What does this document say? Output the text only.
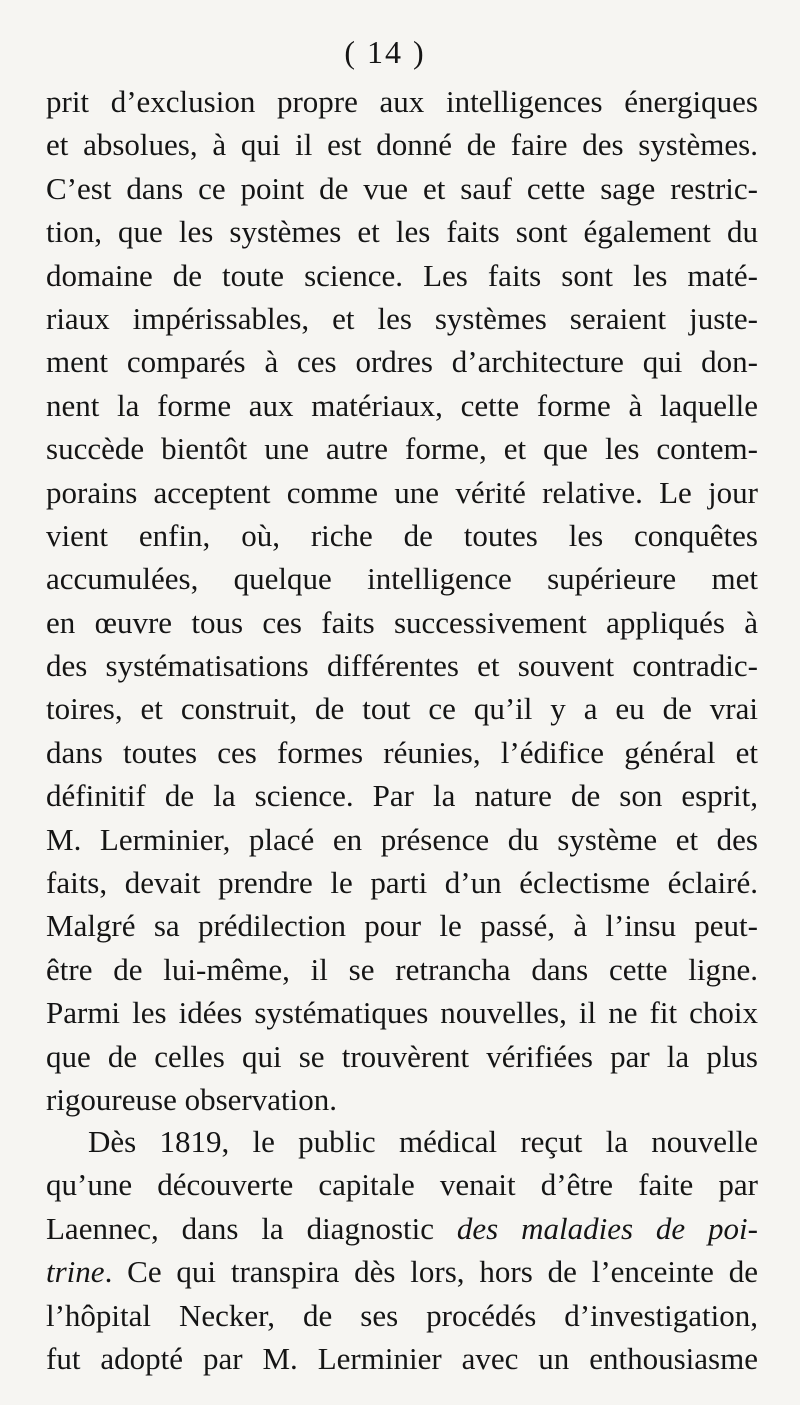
( 14 )
prit d’exclusion propre aux intelligences énergiques
et absolues, à qui il est donné de faire des systèmes.
C’est dans ce point de vue et sauf cette sage restric-
tion, que les systèmes et les faits sont également du
domaine de toute science. Les faits sont les maté-
riaux impérissables, et les systèmes seraient juste-
ment comparés à ces ordres d’architecture qui don-
nent la forme aux matériaux, cette forme à laquelle
succède bientôt une autre forme, et que les contem-
porains acceptent comme une vérité relative. Le jour
vient enfin, où, riche de toutes les conquêtes
accumulées, quelque intelligence supérieure met
en œuvre tous ces faits successivement appliqués à
des systématisations différentes et souvent contradic-
toires, et construit, de tout ce qu’il y a eu de vrai
dans toutes ces formes réunies, l’édifice général et
définitif de la science. Par la nature de son esprit,
M. Lerminier, placé en présence du système et des
faits, devait prendre le parti d’un éclectisme éclairé.
Malgré sa prédilection pour le passé, à l’insu peut-
être de lui-même, il se retrancha dans cette ligne.
Parmi les idées systématiques nouvelles, il ne fit choix
que de celles qui se trouvèrent vérifiées par la plus
rigoureuse observation.
Dès 1819, le public médical reçut la nouvelle
qu’une découverte capitale venait d’être faite par
Laennec, dans la diagnostic des maladies de poi-
trine. Ce qui transpira dès lors, hors de l’enceinte de
l’hôpital Necker, de ses procédés d’investigation,
fut adopté par M. Lerminier avec un enthousiasme
